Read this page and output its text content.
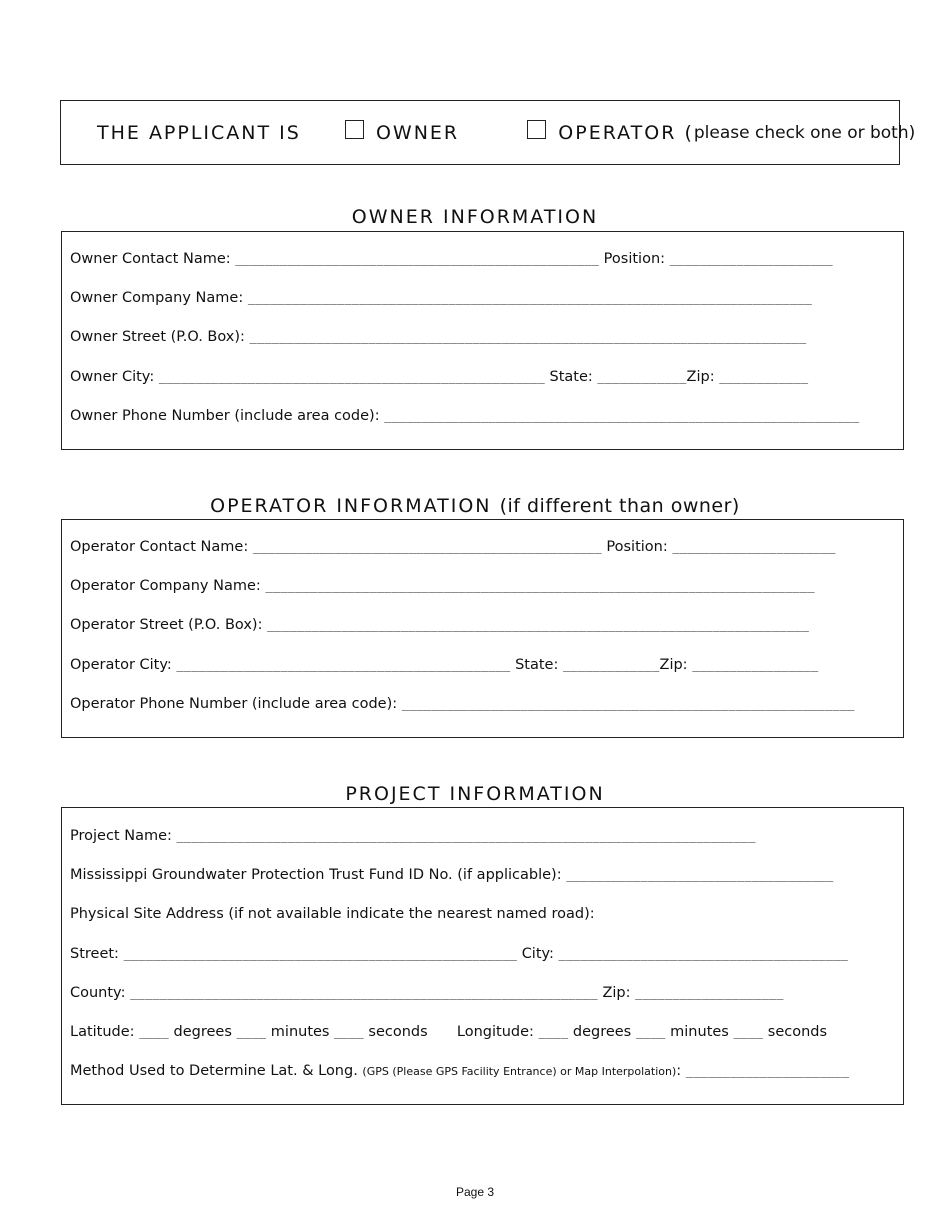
THE APPLICANT IS	OWNER	OPERATOR (please check one or both)
OWNER INFORMATION
Owner Contact Name: _________________________________________________ Position: ______________________
Owner Company Name: ____________________________________________________________________________
Owner Street (P.O. Box): ___________________________________________________________________________
Owner City: ____________________________________________________ State: ____________Zip: ____________
Owner Phone Number (include area code): ________________________________________________________________
OPERATOR INFORMATION (if different than owner)
Operator Contact Name: _______________________________________________ Position: ______________________
Operator Company Name: __________________________________________________________________________
Operator Street (P.O. Box): _________________________________________________________________________
Operator City: _____________________________________________ State: _____________Zip: _________________
Operator Phone Number (include area code): _____________________________________________________________
PROJECT INFORMATION
Project Name: ______________________________________________________________________________
Mississippi Groundwater Protection Trust Fund ID No. (if applicable): ____________________________________
Physical Site Address (if not available indicate the nearest named road):
Street: _____________________________________________________ City: _______________________________________
County: _______________________________________________________________ Zip: ____________________
Latitude: ____ degrees ____ minutes ____ seconds Longitude: ____ degrees ____ minutes ____ seconds
Method Used to Determine Lat. & Long. (GPS (Please GPS Facility Entrance) or Map Interpolation): ______________________
Page 3
